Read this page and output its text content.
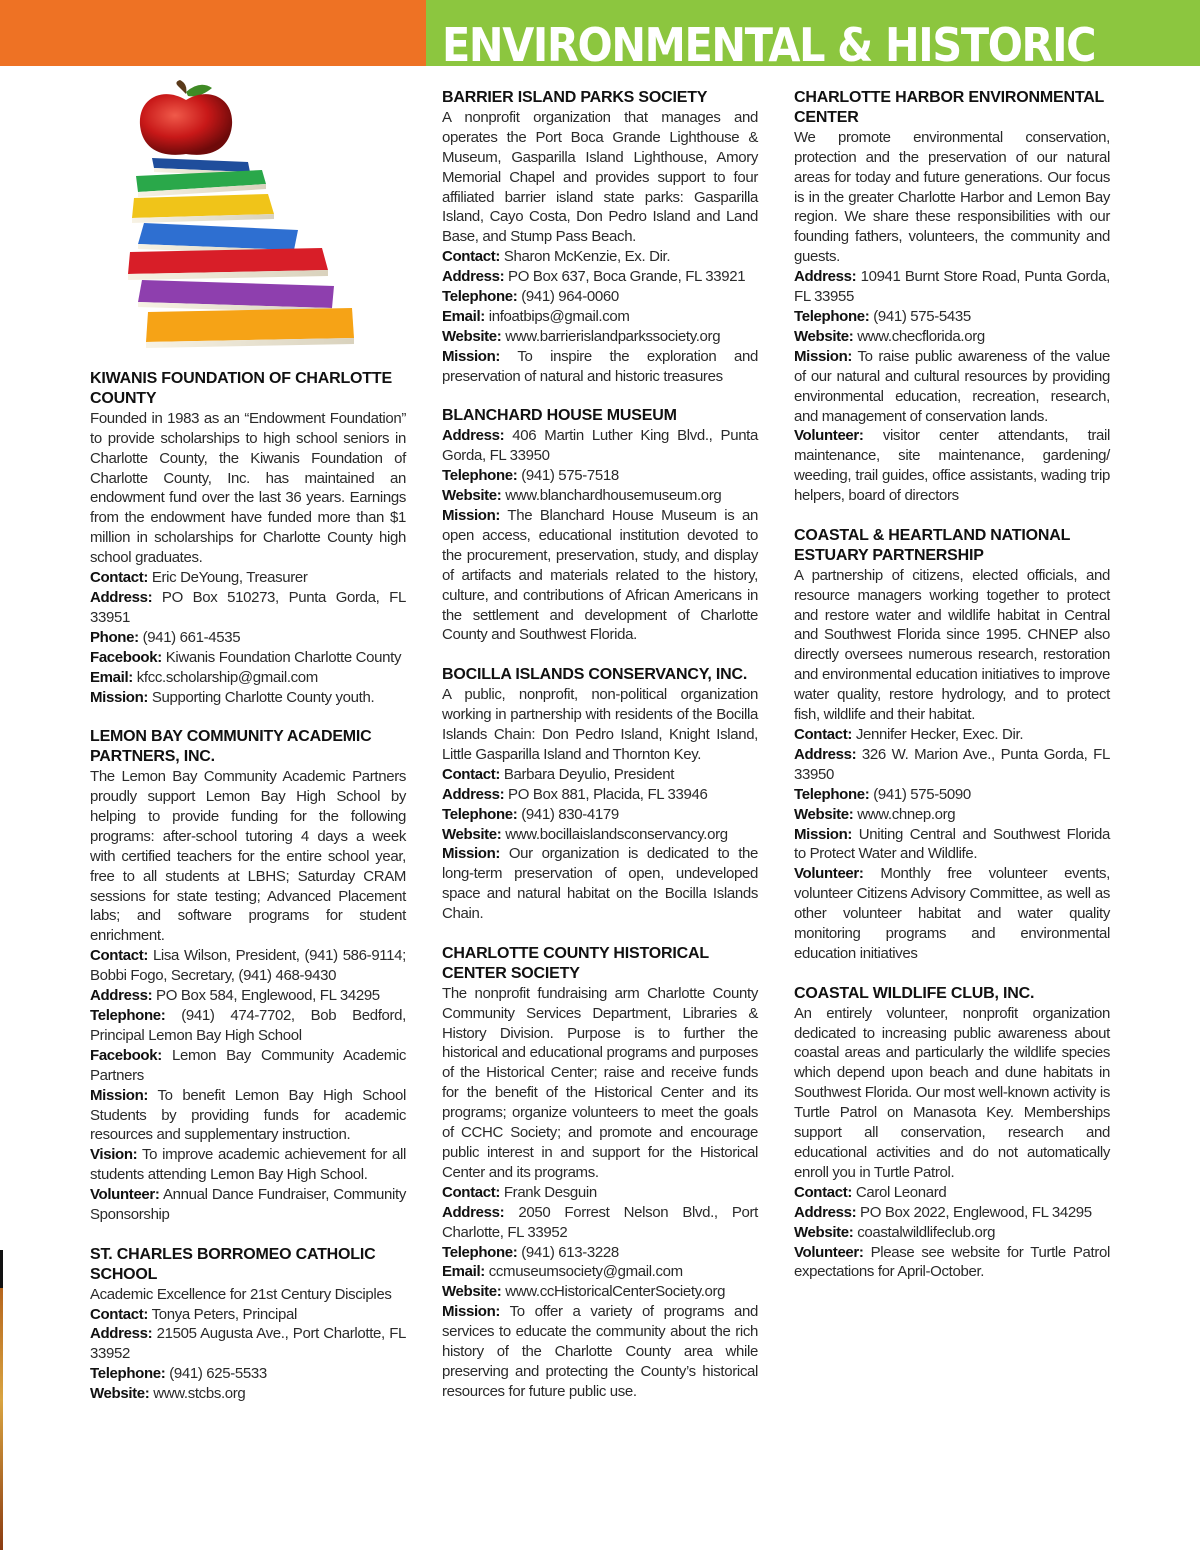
ENVIRONMENTAL & HISTORIC
KIWANIS FOUNDATION OF CHARLOTTE COUNTY

Founded in 1983 as an “Endowment Foundation” to provide scholarships to high school seniors in Charlotte County, the Kiwanis Foundation of Charlotte County, Inc. has maintained an endowment fund over the last 36 years. Earnings from the endowment have funded more than $1 million in scholarships for Charlotte County high school graduates.

Contact: Eric DeYoung, Treasurer

Address: PO Box 510273, Punta Gorda, FL 33951

Phone: (941) 661-4535

Facebook: Kiwanis Foundation Charlotte County

Email: kfcc.scholarship@gmail.com

Mission: Supporting Charlotte County youth.

LEMON BAY COMMUNITY ACADEMIC PARTNERS, INC.

The Lemon Bay Community Academic Partners proudly support Lemon Bay High School by helping to provide funding for the following programs: after-school tutoring 4 days a week with certified teachers for the entire school year, free to all students at LBHS; Saturday CRAM sessions for state testing; Advanced Placement labs; and software programs for student enrichment.

Contact: Lisa Wilson, President, (941) 586-9114; Bobbi Fogo, Secretary, (941) 468-9430

Address: PO Box 584, Englewood, FL 34295

Telephone: (941) 474-7702, Bob Bedford, Principal Lemon Bay High School

Facebook: Lemon Bay Community Academic Partners

Mission: To benefit Lemon Bay High School Students by providing funds for academic resources and supplementary instruction.

Vision: To improve academic achievement for all students attending Lemon Bay High School.

Volunteer: Annual Dance Fundraiser, Community Sponsorship

ST. CHARLES BORROMEO CATHOLIC SCHOOL

Academic Excellence for 21st Century Disciples

Contact: Tonya Peters, Principal

Address: 21505 Augusta Ave., Port Charlotte, FL 33952

Telephone: (941) 625-5533

Website: www.stcbs.org

BARRIER ISLAND PARKS SOCIETY

A nonprofit organization that manages and operates the Port Boca Grande Lighthouse & Museum, Gasparilla Island Lighthouse, Amory Memorial Chapel and provides support to four affiliated barrier island state parks: Gasparilla Island, Cayo Costa, Don Pedro Island and Land Base, and Stump Pass Beach.

Contact: Sharon McKenzie, Ex. Dir.

Address: PO Box 637, Boca Grande, FL 33921

Telephone: (941) 964-0060

Email: infoatbips@gmail.com

Website: www.barrierislandparkssociety.org

Mission: To inspire the exploration and preservation of natural and historic treasures

BLANCHARD HOUSE MUSEUM

Address: 406 Martin Luther King Blvd., Punta Gorda, FL 33950

Telephone: (941) 575-7518

Website: www.blanchardhousemuseum.org

Mission: The Blanchard House Museum is an open access, educational institution devoted to the procurement, preservation, study, and display of artifacts and materials related to the history, culture, and contributions of African Americans in the settlement and development of Charlotte County and Southwest Florida.

BOCILLA ISLANDS CONSERVANCY, INC.

A public, nonprofit, non-political organization working in partnership with residents of the Bocilla Islands Chain: Don Pedro Island, Knight Island, Little Gasparilla Island and Thornton Key.

Contact: Barbara Deyulio, President

Address: PO Box 881, Placida, FL 33946

Telephone: (941) 830-4179

Website: www.bocillaislandsconservancy.org

Mission: Our organization is dedicated to the long-term preservation of open, undeveloped space and natural habitat on the Bocilla Islands Chain.

CHARLOTTE COUNTY HISTORICAL CENTER SOCIETY

The nonprofit fundraising arm Charlotte County Community Services Department, Libraries & History Division. Purpose is to further the historical and educational programs and purposes of the Historical Center; raise and receive funds for the benefit of the Historical Center and its programs; organize volunteers to meet the goals of CCHC Society; and promote and encourage public interest in and support for the Historical Center and its programs.

Contact: Frank Desguin

Address: 2050 Forrest Nelson Blvd., Port Charlotte, FL 33952

Telephone: (941) 613-3228

Email: ccmuseumsociety@gmail.com

Website: www.ccHistoricalCenterSociety.org

Mission: To offer a variety of programs and services to educate the community about the rich history of the Charlotte County area while preserving and protecting the County’s historical resources for future public use.

CHARLOTTE HARBOR ENVIRONMENTAL CENTER

We promote environmental conservation, protection and the preservation of our natural areas for today and future generations. Our focus is in the greater Charlotte Harbor and Lemon Bay region. We share these responsibilities with our founding fathers, volunteers, the community and guests.

Address: 10941 Burnt Store Road, Punta Gorda, FL 33955

Telephone: (941) 575-5435

Website: www.checflorida.org

Mission: To raise public awareness of the value of our natural and cultural resources by providing environmental education, recreation, research, and management of conservation lands.

Volunteer: visitor center attendants, trail maintenance, site maintenance, gardening/ weeding, trail guides, office assistants, wading trip helpers, board of directors

COASTAL & HEARTLAND NATIONAL ESTUARY PARTNERSHIP

A partnership of citizens, elected officials, and resource managers working together to protect and restore water and wildlife habitat in Central and Southwest Florida since 1995. CHNEP also directly oversees numerous research, restoration and environmental education initiatives to improve water quality, restore hydrology, and to protect fish, wildlife and their habitat.

Contact: Jennifer Hecker, Exec. Dir.

Address: 326 W. Marion Ave., Punta Gorda, FL 33950

Telephone: (941) 575-5090

Website: www.chnep.org

Mission: Uniting Central and Southwest Florida to Protect Water and Wildlife.

Volunteer: Monthly free volunteer events, volunteer Citizens Advisory Committee, as well as other volunteer habitat and water quality monitoring programs and environmental education initiatives

COASTAL WILDLIFE CLUB, INC.

An entirely volunteer, nonprofit organization dedicated to increasing public awareness about coastal areas and particularly the wildlife species which depend upon beach and dune habitats in Southwest Florida. Our most well-known activity is Turtle Patrol on Manasota Key. Memberships support all conservation, research and educational activities and do not automatically enroll you in Turtle Patrol.

Contact: Carol Leonard

Address: PO Box 2022, Englewood, FL 34295

Website: coastalwildlifeclub.org

Volunteer: Please see website for Turtle Patrol expectations for April-October.
